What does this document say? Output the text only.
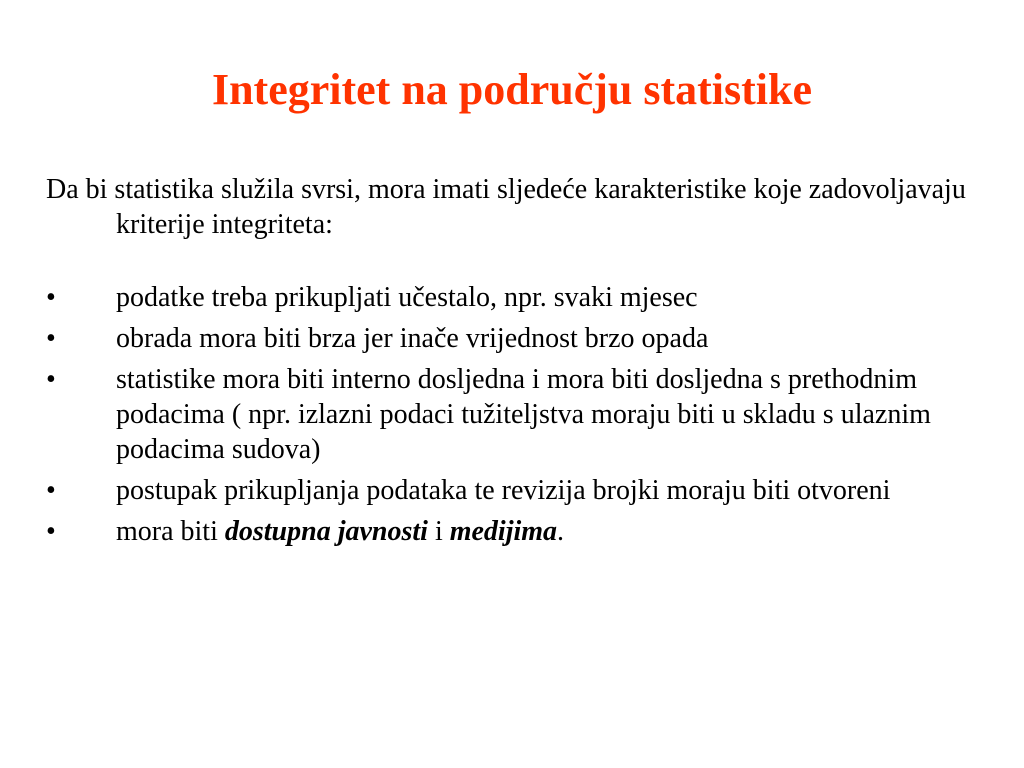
Integritet na području statistike

Da bi statistika služila svrsi, mora imati sljedeće karakteristike koje zadovoljavaju kriterije integriteta:

• podatke treba prikupljati učestalo, npr. svaki mjesec
• obrada mora biti brza jer inače vrijednost brzo opada
• statistike mora biti interno dosljedna i mora biti dosljedna s prethodnim podacima ( npr. izlazni podaci tužiteljstva moraju biti u skladu s ulaznim podacima sudova)
• postupak prikupljanja podataka te revizija brojki moraju biti otvoreni
• mora biti dostupna javnosti i medijima.
